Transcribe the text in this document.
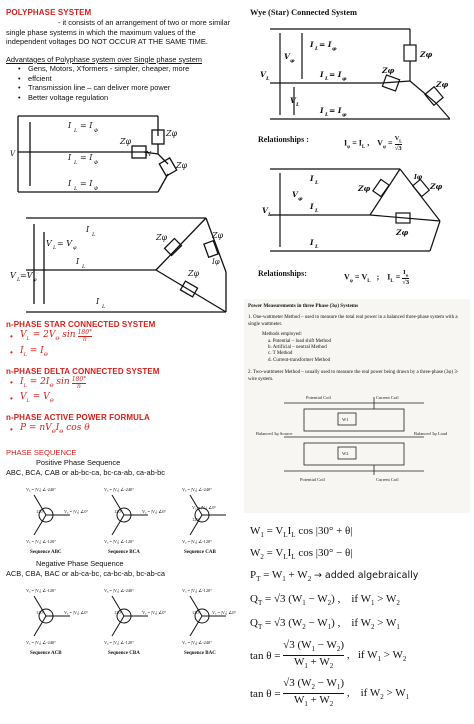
POLYPHASE SYSTEM
- it consists of an arrangement of two or more similar
single phase systems in which the maximum values of the
independent voltages DO NOT OCCUR AT THE SAME TIME.
Advantages of Polyphase system over Single phase system
• Gens, Motors, X'formers - simpler, cheaper, more
• effcient
• Transmission line – can deliver more power
• Better voltage regulation
I
L
= I
Φ
I
L
= I
Φ
I
L
= I
Φ
Zφ
Zφ
Zφ
N
V
I
L
I
L
I
L
V L = V φ
V L =V φ
Zφ	Zφ
Zφ
Iφ
n-PHASE STAR CONNECTED SYSTEM
• $V_L = 2V_\Theta$ sin 180°
n
• $I_L = I_\Theta$
n-PHASE DELTA CONNECTED SYSTEM
• $I_L = 2I_\Theta$ sin 180°
n
• $V_L = V_\Theta$
n-PHASE ACTIVE POWER FORMULA
• $P = nV_\Theta I_\Theta$ cos θ
PHASE SEQUENCE
Positive Phase Sequence
ABC, BCA, CAB or ab-bc-ca, bc-ca-ab, ca-ab-bc
Vₐ = |Vₐ| ∠-240°
Vₐ = |Vₐ| ∠0°
Vₐ = |Vₐ| ∠-120°
Vₐ = |Vₐ| ∠-240°
Vₐ = |Vₐ| ∠0°
Vₐ = |Vₐ| ∠-120°
Vₐ = |Vₐ| ∠-240°
Vₐ = |Vₐ| ∠0°
Vₐ = |Vₐ| ∠-120°
120°	120°
120°
Sequence ABC	Sequence BCA	Sequence CAB
Negative Phase Sequence
ACB, CBA, BAC or ab-ca-bc, ca-bc-ab, bc-ab-ca
Vₐ = |Vₐ| ∠-120°
Vₐ = |Vₐ| ∠0°
Vₐ = |Vₐ| ∠-240°
Vₐ = |Vₐ| ∠-240°
Vₐ = |Vₐ| ∠0°
Vₐ = |Vₐ| ∠-120°
Vₐ = |Vₐ| ∠-120°
Vₐ = |Vₐ| ∠0°
Vₐ = |Vₐ| ∠-240°
120°	120°	120°
Sequence ACB	Sequence CBA	Sequence BAC
Wye (Star) Connected System
I L = I φ
I L = I φ
I L = I φ
Zφ
Zφ
Zφ
V φ
V L
V L
Relationships :	$I_\varphi = I_L$ ,    $V_\varphi = \frac{V_L}{√3}$
I L
I L
I L
Zφ	Zφ
Zφ
V L
V φ
Iφ
Relationships:	$V_\varphi = V_L$   ;    $I_L = \frac{I_\varphi}{√3}$
Power Measurements in three Phase (3φ) Systems
1. One-wattmeter Method – used to measure the total real power in a balanced three-phase system with a single wattmeter.
Methods employed:
a. Potential – load shift Method
b. Artificial – neutral Method
c. T Method
d. Current-transformer Method
2. Two-wattmeter Method – usually used to measure the real power being drawn by a three-phase (3φ) 3-wire system.
Potential Coil	Current Coil
W1
W2
Balanced 3φ Source	Balanced 3φ Load
Potential Coil	Current Coil
$W_1 = V_LI_L$ cos |30° + θ|
$W_2 = V_LI_L$ cos |30° − θ|
$P_T = W_1 + W_2$ → added algebraically
$Q_T = √3$ $(W_1 - W_2)$ ,    if $W_1 > W_2$
$Q_T = √3$ $(W_2 - W_1)$ ,    if $W_2 > W_1$
$\tan \theta = \frac{√3 (W_1 - W_2)}{W_1 + W_2}$ ,   if $W_1 > W_2$
$\tan \theta = \frac{√3 (W_2 - W_1)}{W_1 + W_2}$ ,    if $W_2 > W_1$
